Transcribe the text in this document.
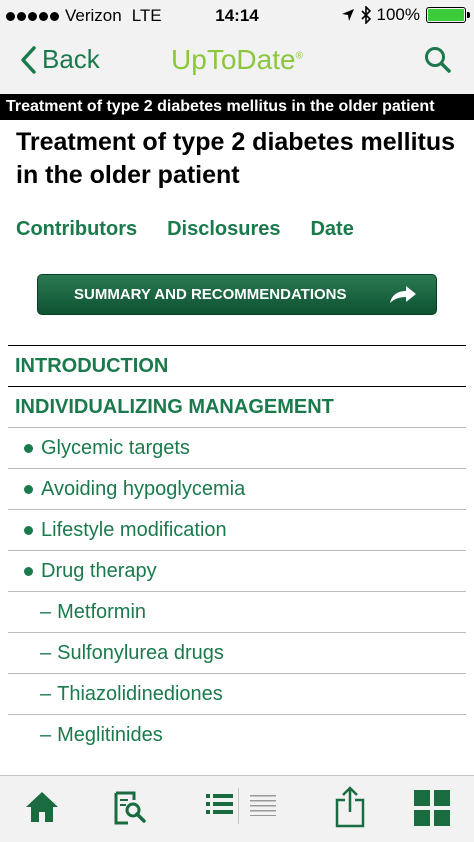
Verizon LTE	14:14	100%
Back	UpToDate®
Treatment of type 2 diabetes mellitus in the older patient
Treatment of type 2 diabetes mellitus in the older patient
Contributors Disclosures Date
SUMMARY AND RECOMMENDATIONS
INTRODUCTION
INDIVIDUALIZING MANAGEMENT
Glycemic targets
Avoiding hypoglycemia
Lifestyle modification
Drug therapy
– Metformin
– Sulfonylurea drugs
– Thiazolidinediones
– Meglitinides
